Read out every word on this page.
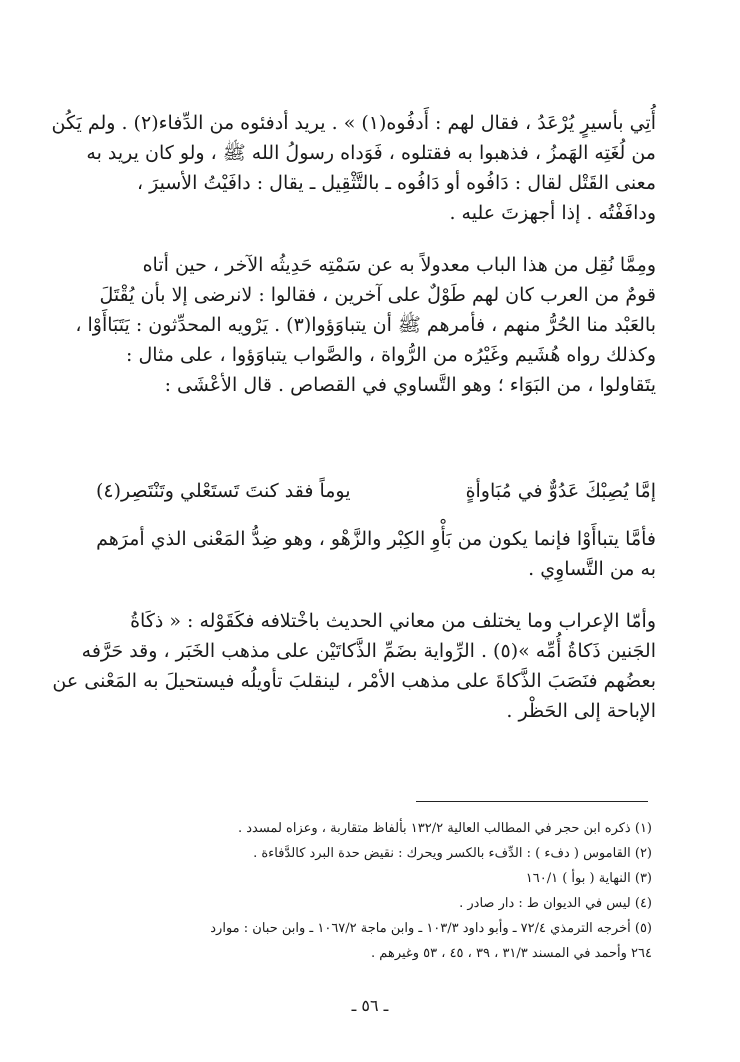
أُتِي بأسيرٍ يُرْعَدُ ، فقال لهم : أَدفُوه(١) » . يريد أدفئوه من الدِّفاء(٢) . ولم يَكُن
من لُغَتِه الهَمزُ ، فذهبوا به فقتلوه ، فَوَداه رسولُ الله ﷺ ، ولو كان يريد به
معنى القَتْل لقال : دَافُوه أو دَافُوه ـ بالتَّثْقِيل ـ يقال : دافَيْتُ الأسيرَ ،
ودافَفْتُه . إذا أجهزتَ عليه .
ومِمَّا نُقِل من هذا الباب معدولاً به عن سَمْتِه حَدِيثُه الآخر ، حين أتاه
قومٌ من العرب كان لهم طَوْلٌ على آخرين ، فقالوا : لانرضى إلا بأن يُقْتَلَ
بالعَبْد منا الحُرُّ منهم ، فأمرهم ﷺ أن يتباوَؤوا(٣) . يَرْويه المحدِّثون : يَتَبَاأَوْا ،
وكذلك رواه هُشَيم وغَيْرُه من الرُّواة ، والصَّواب يتباوَؤوا ، على مثال :
يتَقاولوا ، من البَوَاء ؛ وهو التَّساوي في القصاص . قال الأعْشَى :
إمَّا يُصِبْكَ عَدُوٌّ في مُبَاوأةٍ
يوماً فقد كنتَ تَستَعْلي وتَنْتَصِر(٤)
فأمَّا يتباأَوْا فإنما يكون من بَأْوِ الكِبْر والزَّهْو ، وهو ضِدُّ المَعْنى الذي أمرَهم
به من التَّساوِي .
وأمّا الإعراب وما يختلف من معاني الحديث باخْتلافه فكَقَوْله : « ذكَاةُ
الجَنين ذَكاةُ أُمِّه »(٥) . الرِّواية بضَمِّ الذَّكاتَيْن على مذهب الخَبَر ، وقد حَرَّفه
بعضُهم فنَصَبَ الذَّكاةَ على مذهب الأمْر ، لينقلبَ تأويلُه فيستحيلَ به المَعْنى عن
الإباحة إلى الحَظْر .
(١) ذكره ابن حجر في المطالب العالية ١٣٢/٢ بألفاظ متقاربة ، وعزاه لمسدد .
(٢) القاموس ( دفء ) : الدِّفء بالكسر ويحرك : نقيض حدة البرد كالدَّفاءة .
(٣) النهاية ( بوأ ) ١٦٠/١
(٤) ليس في الديوان ط : دار صادر .
(٥) أخرجه الترمذي ٧٢/٤ ـ وأبو داود ١٠٣/٣ ـ وابن ماجة ١٠٦٧/٢ ـ وابن حبان : موارد
٢٦٤ وأحمد في المسند ٣١/٣ ، ٣٩ ، ٤٥ ، ٥٣ وغيرهم .
ـ ٥٦ ـ
